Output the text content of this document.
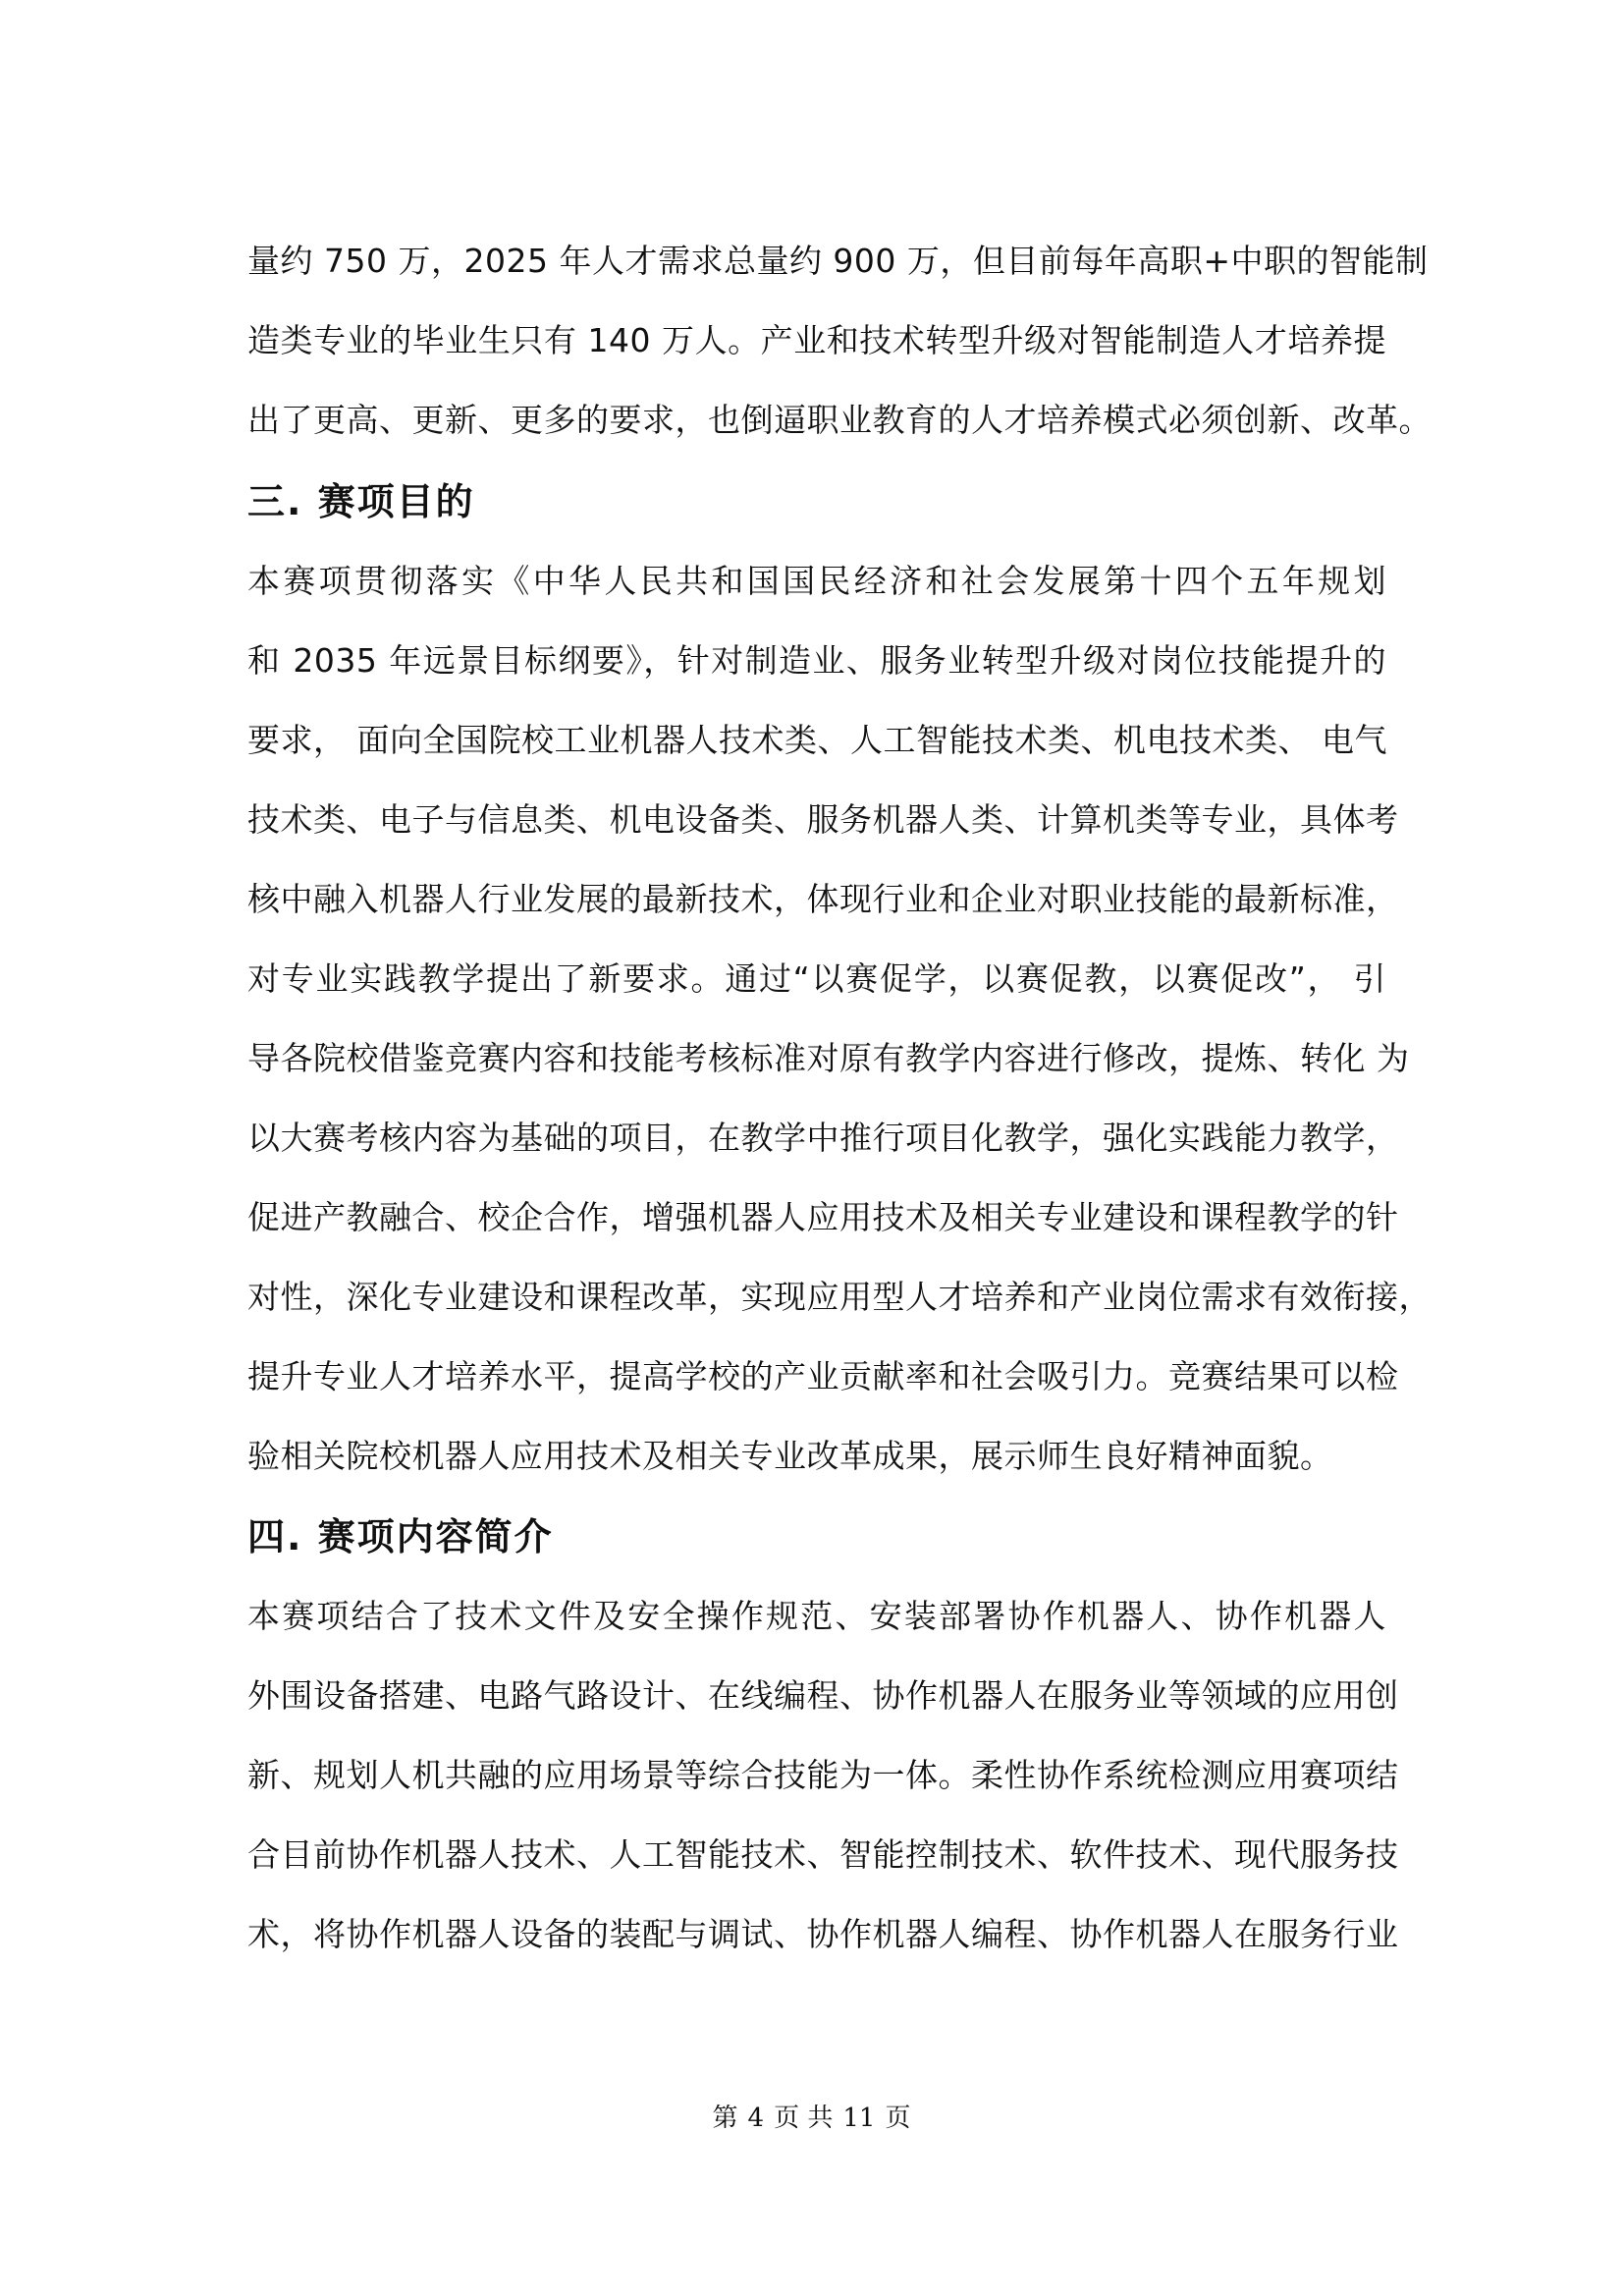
量约 750 万，2025 年人才需求总量约 900 万，但目前每年高职+中职的智能制
造类专业的毕业生只有 140 万人。产业和技术转型升级对智能制造人才培养提
出了更高、更新、更多的要求，也倒逼职业教育的人才培养模式必须创新、改革。
三. 赛项目的
本赛项贯彻落实《中华人民共和国国民经济和社会发展第十四个五年规划
和 2035 年远景目标纲要》，针对制造业、服务业转型升级对岗位技能提升的
要求， 面向全国院校工业机器人技术类、人工智能技术类、机电技术类、 电气
技术类、电子与信息类、机电设备类、服务机器人类、计算机类等专业，具体考
核中融入机器人行业发展的最新技术，体现行业和企业对职业技能的最新标准，
对专业实践教学提出了新要求。通过“以赛促学，以赛促教，以赛促改”， 引
导各院校借鉴竞赛内容和技能考核标准对原有教学内容进行修改，提炼、转化 为
以大赛考核内容为基础的项目，在教学中推行项目化教学，强化实践能力教学，
促进产教融合、校企合作，增强机器人应用技术及相关专业建设和课程教学的针
对性，深化专业建设和课程改革，实现应用型人才培养和产业岗位需求有效衔接，
提升专业人才培养水平，提高学校的产业贡献率和社会吸引力。竞赛结果可以检
验相关院校机器人应用技术及相关专业改革成果，展示师生良好精神面貌。
四. 赛项内容简介
本赛项结合了技术文件及安全操作规范、安装部署协作机器人、协作机器人
外围设备搭建、电路气路设计、在线编程、协作机器人在服务业等领域的应用创
新、规划人机共融的应用场景等综合技能为一体。柔性协作系统检测应用赛项结
合目前协作机器人技术、人工智能技术、智能控制技术、软件技术、现代服务技
术，将协作机器人设备的装配与调试、协作机器人编程、协作机器人在服务行业
第 4 页 共 11 页
